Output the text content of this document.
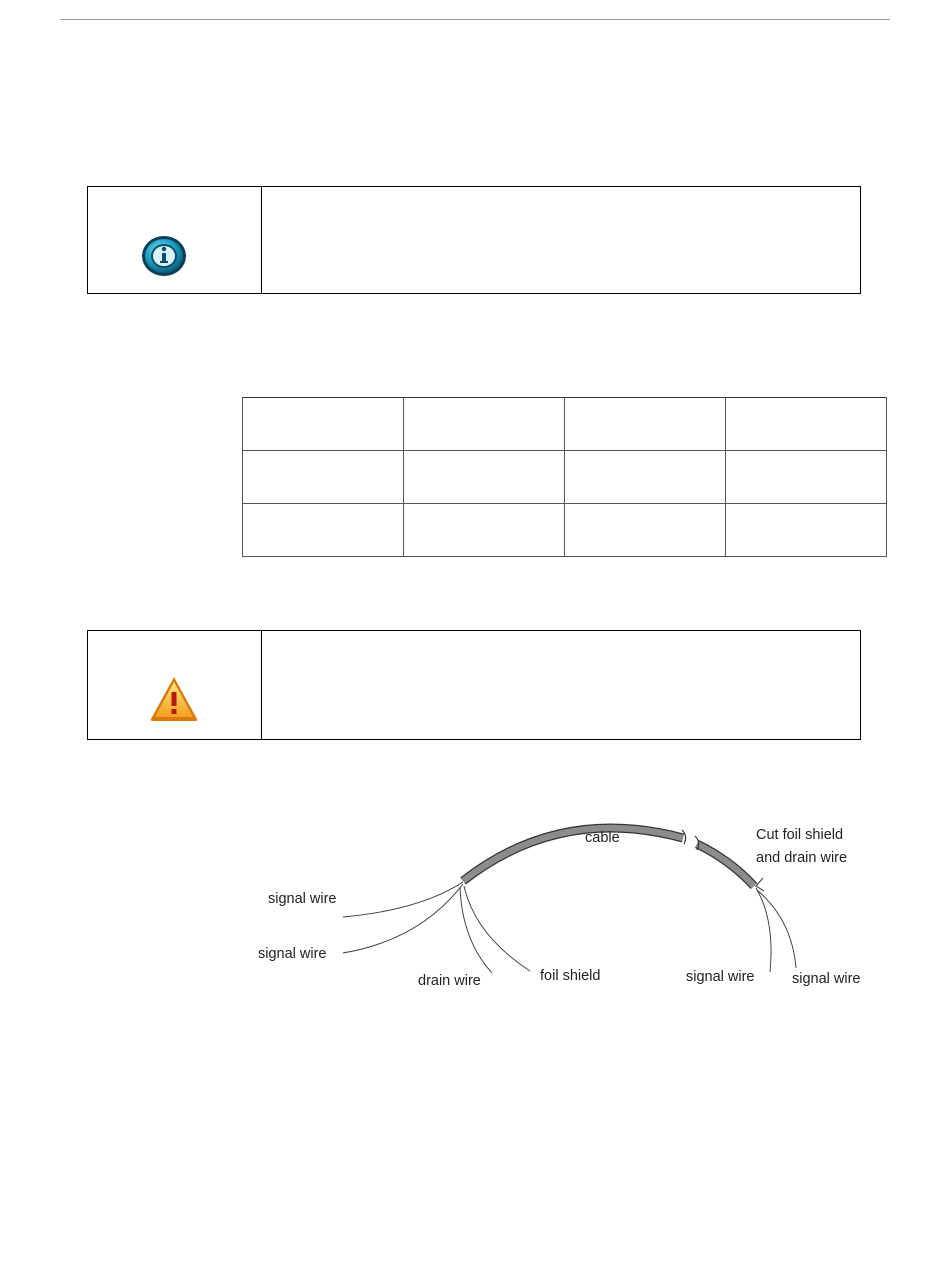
cable	Cut foil shield
and drain wire
signal wire
signal wire
drain wire	foil shield	signal wire	signal wire
